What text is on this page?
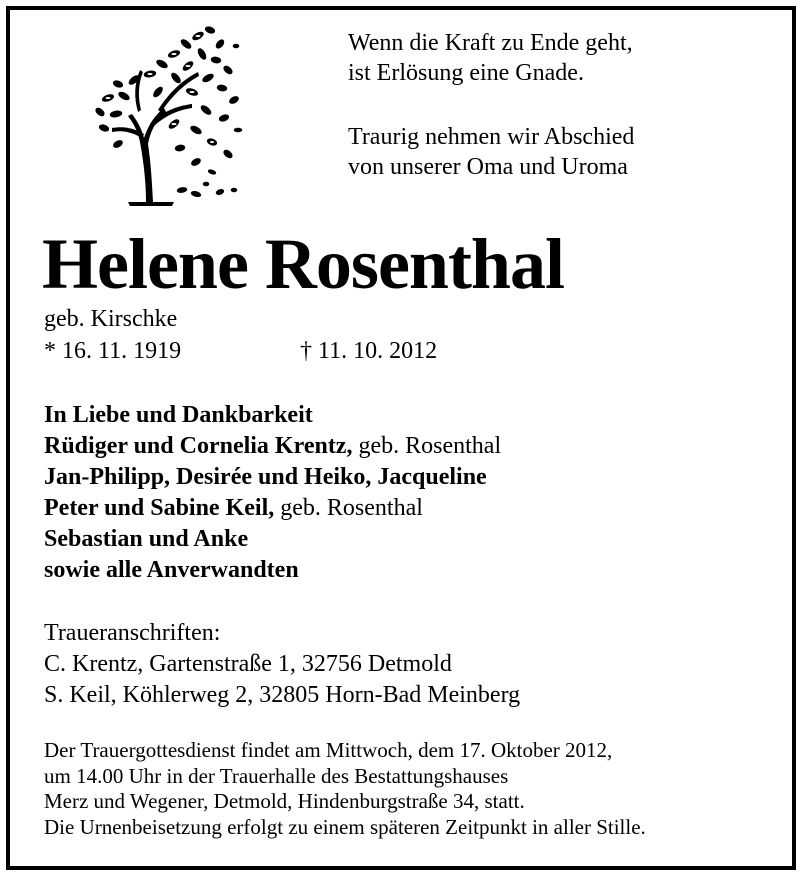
Wenn die Kraft zu Ende geht,

ist Erlösung eine Gnade.

Traurig nehmen wir Abschied

von unserer Oma und Uroma

Helene Rosenthal
geb. Kirschke
* 16. 11. 1919	† 11. 10. 2012

In Liebe und Dankbarkeit

Rüdiger und Cornelia Krentz, geb. Rosenthal

Jan-Philipp, Desirée und Heiko, Jacqueline

Peter und Sabine Keil, geb. Rosenthal

Sebastian und Anke

sowie alle Anverwandten

Traueranschriften:

C. Krentz, Gartenstraße 1, 32756 Detmold

S. Keil, Köhlerweg 2, 32805 Horn-Bad Meinberg

Der Trauergottesdienst findet am Mittwoch, dem 17. Oktober 2012,

um 14.00 Uhr in der Trauerhalle des Bestattungshauses

Merz und Wegener, Detmold, Hindenburgstraße 34, statt.

Die Urnenbeisetzung erfolgt zu einem späteren Zeitpunkt in aller Stille.
